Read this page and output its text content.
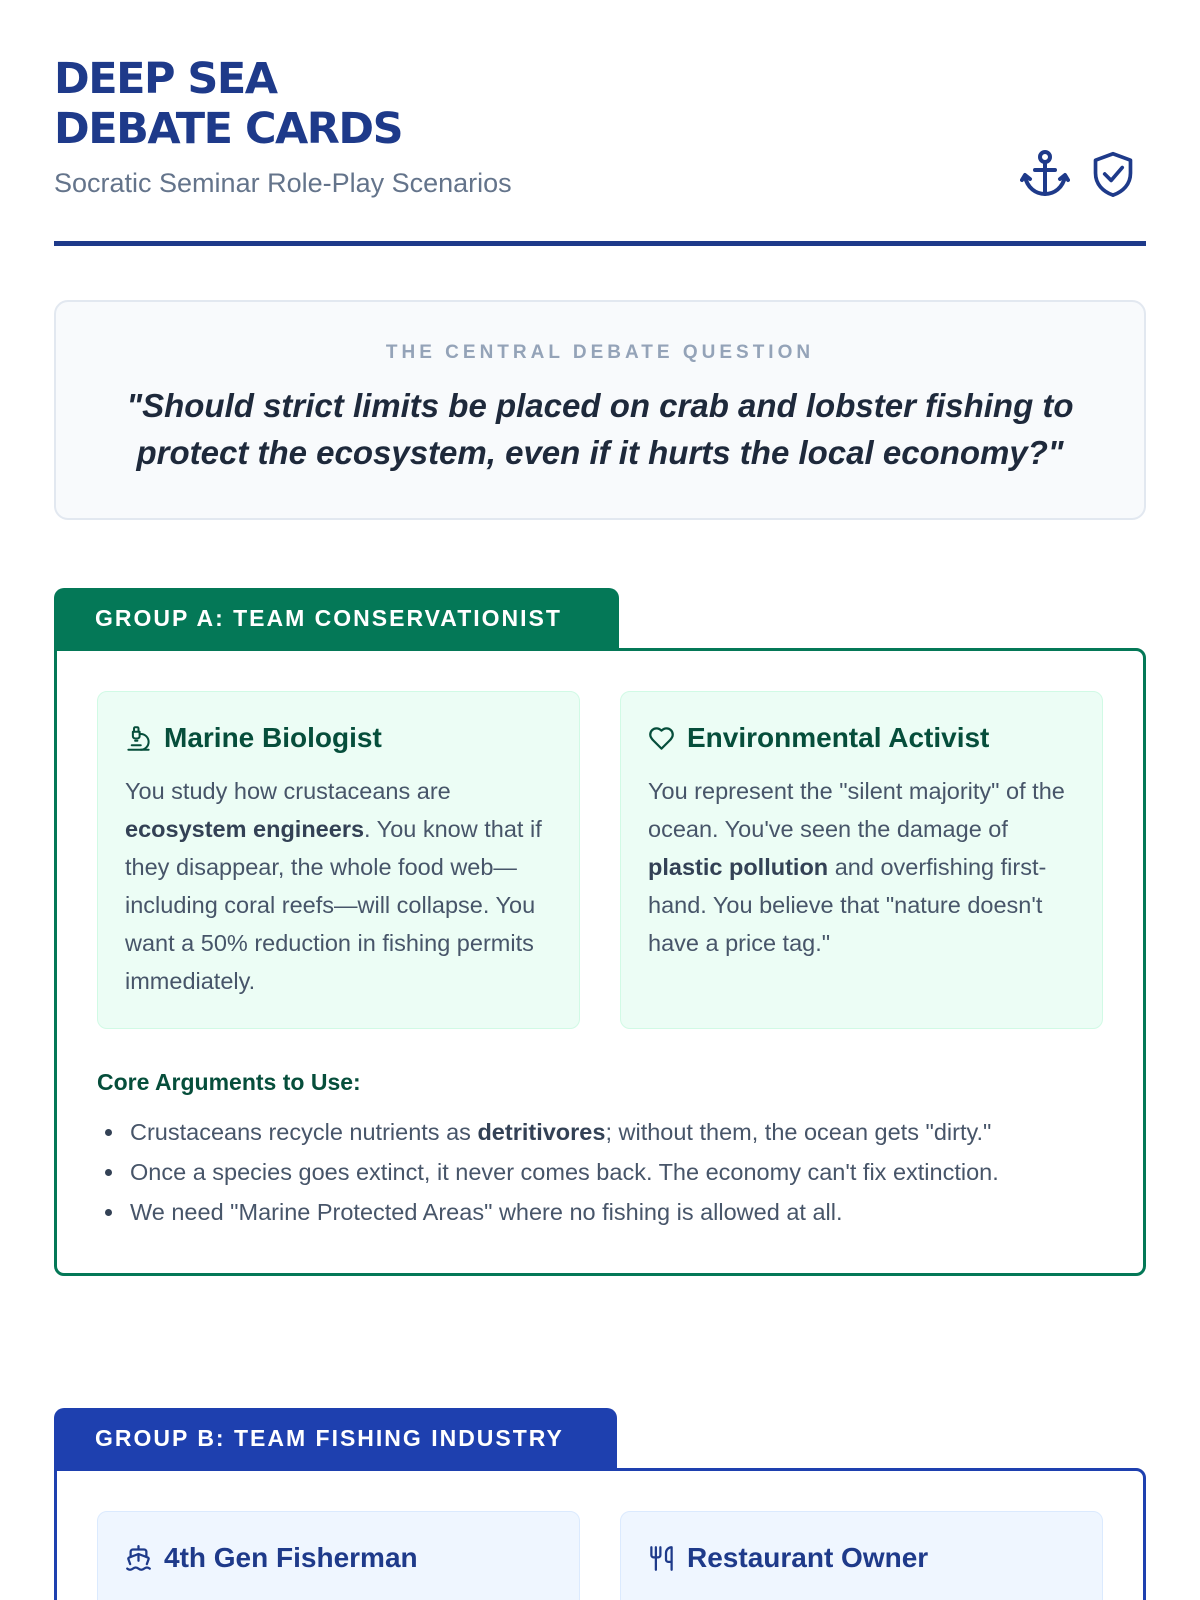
DEEP SEA
DEBATE CARDS
Socratic Seminar Role-Play Scenarios
THE CENTRAL DEBATE QUESTION
"Should strict limits be placed on crab and lobster fishing to protect the ecosystem, even if it hurts the local economy?"
GROUP A: TEAM CONSERVATIONIST
Marine Biologist

You study how crustaceans are ecosystem engineers. You know that if they disappear, the whole food web—including coral reefs—will collapse. You want a 50% reduction in fishing permits immediately.

Environmental Activist

You represent the "silent majority" of the ocean. You've seen the damage of plastic pollution and overfishing first-hand. You believe that "nature doesn't have a price tag."

Core Arguments to Use:
Crustaceans recycle nutrients as detritivores; without them, the ocean gets "dirty."
Once a species goes extinct, it never comes back. The economy can't fix extinction.
We need "Marine Protected Areas" where no fishing is allowed at all.
GROUP B: TEAM FISHING INDUSTRY
4th Gen Fisherman	Restaurant Owner
